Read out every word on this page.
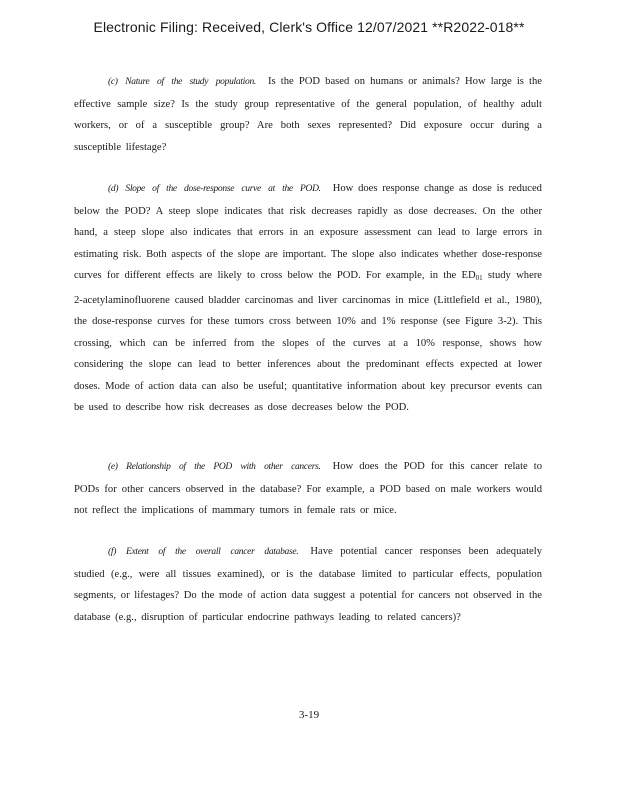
Electronic Filing: Received, Clerk's Office 12/07/2021 **R2022-018**
(c) Nature of the study population. Is the POD based on humans or animals? How large is the effective sample size? Is the study group representative of the general population, of healthy adult workers, or of a susceptible group? Are both sexes represented? Did exposure occur during a susceptible lifestage?
(d) Slope of the dose-response curve at the POD. How does response change as dose is reduced below the POD? A steep slope indicates that risk decreases rapidly as dose decreases. On the other hand, a steep slope also indicates that errors in an exposure assessment can lead to large errors in estimating risk. Both aspects of the slope are important. The slope also indicates whether dose-response curves for different effects are likely to cross below the POD. For example, in the $ED_{01}$ study where 2-acetylaminofluorene caused bladder carcinomas and liver carcinomas in mice (Littlefield et al., 1980), the dose-response curves for these tumors cross between 10% and 1% response (see Figure 3-2). This crossing, which can be inferred from the slopes of the curves at a 10% response, shows how considering the slope can lead to better inferences about the predominant effects expected at lower doses. Mode of action data can also be useful; quantitative information about key precursor events can be used to describe how risk decreases as dose decreases below the POD.
(e) Relationship of the POD with other cancers. How does the POD for this cancer relate to PODs for other cancers observed in the database? For example, a POD based on male workers would not reflect the implications of mammary tumors in female rats or mice.
(f) Extent of the overall cancer database. Have potential cancer responses been adequately studied (e.g., were all tissues examined), or is the database limited to particular effects, population segments, or lifestages? Do the mode of action data suggest a potential for cancers not observed in the database (e.g., disruption of particular endocrine pathways leading to related cancers)?
3-19
